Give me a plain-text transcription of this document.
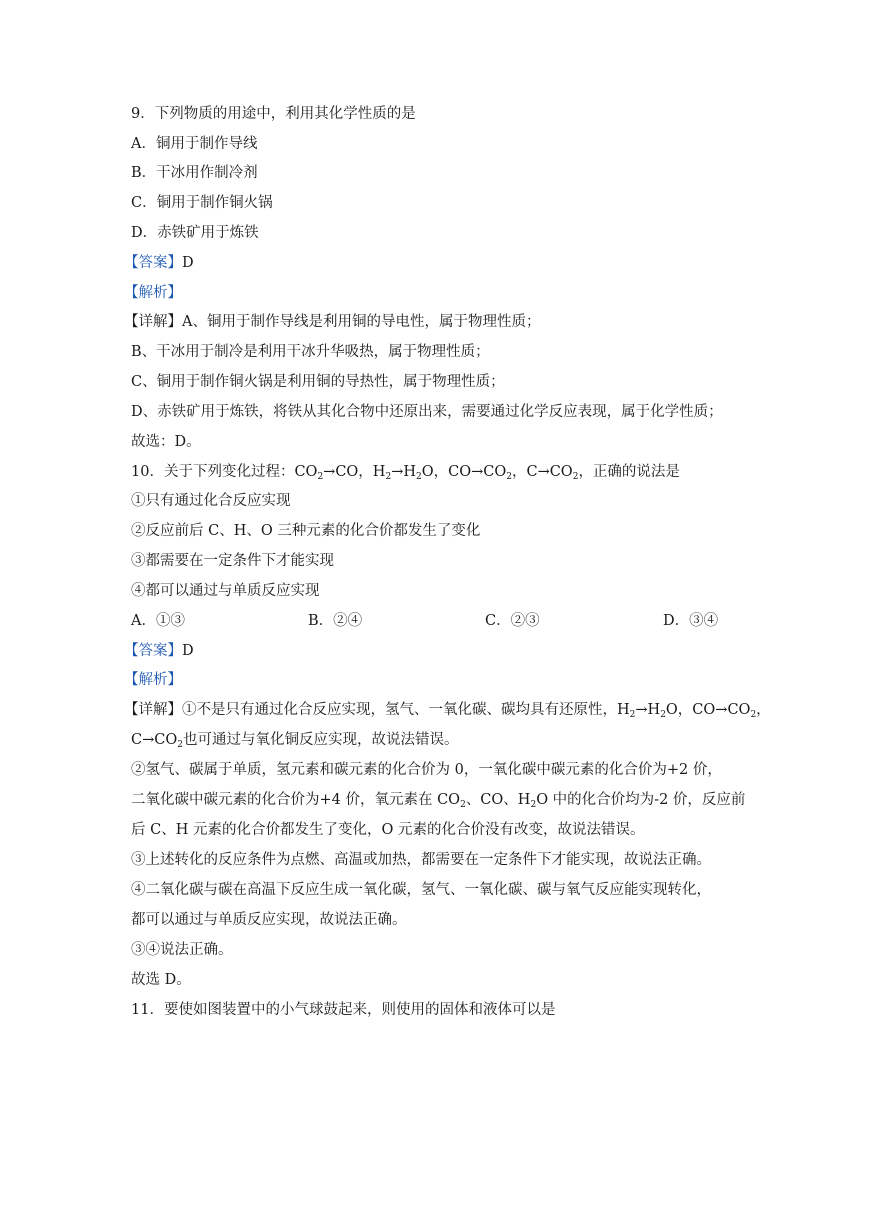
9．下列物质的用途中，利用其化学性质的是
A．铜用于制作导线
B．干冰用作制冷剂
C．铜用于制作铜火锅
D．赤铁矿用于炼铁
【答案】D
【解析】
【详解】A、铜用于制作导线是利用铜的导电性，属于物理性质；
B、干冰用于制冷是利用干冰升华吸热，属于物理性质；
C、铜用于制作铜火锅是利用铜的导热性，属于物理性质；
D、赤铁矿用于炼铁，将铁从其化合物中还原出来，需要通过化学反应表现，属于化学性质；
故选：D。
10．关于下列变化过程：$CO_2\to CO$，$H_2\to H_2O$，$CO\to CO_2$，$C\to CO_2$，正确的说法是
①只有通过化合反应实现
②反应前后 C、H、O 三种元素的化合价都发生了变化
③都需要在一定条件下才能实现
④都可以通过与单质反应实现
A．①③	B．②④	C．②③	D．③④
【答案】D
【解析】
【详解】①不是只有通过化合反应实现，氢气、一氧化碳、碳均具有还原性，$H_2\to H_2O$，$CO\to CO_2$，
$C\to CO_2$也可通过与氧化铜反应实现，故说法错误。
②氢气、碳属于单质，氢元素和碳元素的化合价为 0，一氧化碳中碳元素的化合价为+2 价，
二氧化碳中碳元素的化合价为+4 价，氧元素在 $CO_2$、CO、$H_2O$ 中的化合价均为-2 价，反应前
后 C、H 元素的化合价都发生了变化，O 元素的化合价没有改变，故说法错误。
③上述转化的反应条件为点燃、高温或加热，都需要在一定条件下才能实现，故说法正确。
④二氧化碳与碳在高温下反应生成一氧化碳，氢气、一氧化碳、碳与氧气反应能实现转化，
都可以通过与单质反应实现，故说法正确。
③④说法正确。
故选 D。
11．要使如图装置中的小气球鼓起来，则使用的固体和液体可以是
